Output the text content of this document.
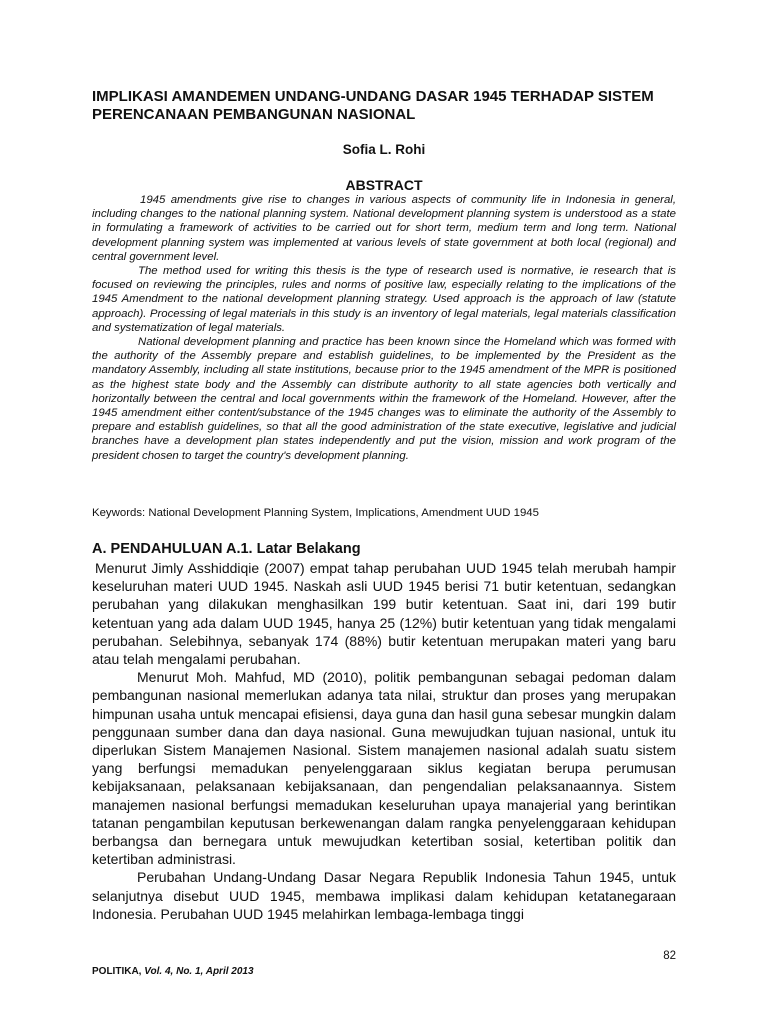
IMPLIKASI AMANDEMEN UNDANG-UNDANG DASAR 1945 TERHADAP SISTEM PERENCANAAN PEMBANGUNAN NASIONAL
Sofia L. Rohi
ABSTRACT

1945 amendments give rise to changes in various aspects of community life in Indonesia in general, including changes to the national planning system. National development planning system is understood as a state in formulating a framework of activities to be carried out for short term, medium term and long term. National development planning system was implemented at various levels of state government at both local (regional) and central government level.

The method used for writing this thesis is the type of research used is normative, ie research that is focused on reviewing the principles, rules and norms of positive law, especially relating to the implications of the 1945 Amendment to the national development planning strategy. Used approach is the approach of law (statute approach). Processing of legal materials in this study is an inventory of legal materials, legal materials classification and systematization of legal materials.

National development planning and practice has been known since the Homeland which was formed with the authority of the Assembly prepare and establish guidelines, to be implemented by the President as the mandatory Assembly, including all state institutions, because prior to the 1945 amendment of the MPR is positioned as the highest state body and the Assembly can distribute authority to all state agencies both vertically and horizontally between the central and local governments within the framework of the Homeland. However, after the 1945 amendment either content/substance of the 1945 changes was to eliminate the authority of the Assembly to prepare and establish guidelines, so that all the good administration of the state executive, legislative and judicial branches have a development plan states independently and put the vision, mission and work program of the president chosen to target the country's development planning.

Keywords: National Development Planning System, Implications, Amendment UUD 1945
A. PENDAHULUAN A.1. Latar Belakang

Menurut Jimly Asshiddiqie (2007) empat tahap perubahan UUD 1945 telah merubah hampir keseluruhan materi UUD 1945. Naskah asli UUD 1945 berisi 71 butir ketentuan, sedangkan perubahan yang dilakukan menghasilkan 199 butir ketentuan. Saat ini, dari 199 butir ketentuan yang ada dalam UUD 1945, hanya 25 (12%) butir ketentuan yang tidak mengalami perubahan. Selebihnya, sebanyak 174 (88%) butir ketentuan merupakan materi yang baru atau telah mengalami perubahan.

Menurut Moh. Mahfud, MD (2010), politik pembangunan sebagai pedoman dalam pembangunan nasional memerlukan adanya tata nilai, struktur dan proses yang merupakan himpunan usaha untuk mencapai efisiensi, daya guna dan hasil guna sebesar mungkin dalam penggunaan sumber dana dan daya nasional. Guna mewujudkan tujuan nasional, untuk itu diperlukan Sistem Manajemen Nasional. Sistem manajemen nasional adalah suatu sistem yang berfungsi memadukan penyelenggaraan siklus kegiatan berupa perumusan kebijaksanaan, pelaksanaan kebijaksanaan, dan pengendalian pelaksanaannya. Sistem manajemen nasional berfungsi memadukan keseluruhan upaya manajerial yang berintikan tatanan pengambilan keputusan berkewenangan dalam rangka penyelenggaraan kehidupan berbangsa dan bernegara untuk mewujudkan ketertiban sosial, ketertiban politik dan ketertiban administrasi.

Perubahan Undang-Undang Dasar Negara Republik Indonesia Tahun 1945, untuk selanjutnya disebut UUD 1945, membawa implikasi dalam kehidupan ketatanegaraan Indonesia. Perubahan UUD 1945 melahirkan lembaga-lembaga tinggi

82
POLITIKA, Vol. 4, No. 1, April 2013
